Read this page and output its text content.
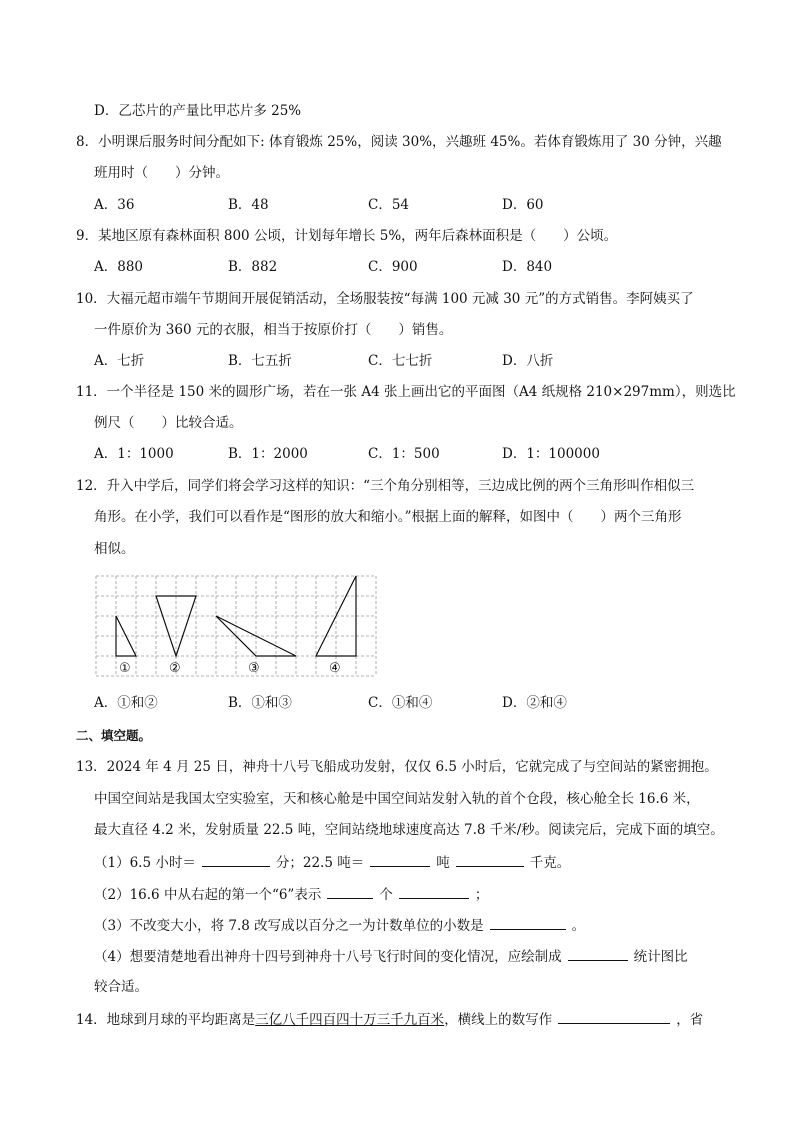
D．乙芯片的产量比甲芯片多 25%
8．小明课后服务时间分配如下: 体育锻炼 25%，阅读 30%，兴趣班 45%。若体育锻炼用了 30 分钟，兴趣
班用时（　　）分钟。
A．36	B．48	C．54	D．60
9．某地区原有森林面积 800 公顷，计划每年增长 5%，两年后森林面积是（　　）公顷。
A．880	B．882	C．900	D．840
10．大福元超市端午节期间开展促销活动，全场服装按“每满 100 元减 30 元”的方式销售。李阿姨买了
一件原价为 360 元的衣服，相当于按原价打（　　）销售。
A．七折	B．七五折	C．七七折	D．八折
11．一个半径是 150 米的圆形广场，若在一张 A4 张上画出它的平面图（A4 纸规格 210×297mm），则选比
例尺（　　）比较合适。
A．1：1000	B．1：2000	C．1：500	D．1：100000
12．升入中学后，同学们将会学习这样的知识：“三个角分别相等，三边成比例的两个三角形叫作相似三
角形。在小学，我们可以看作是“图形的放大和缩小。”根据上面的解释，如图中（　　）两个三角形
相似。
①	②	③	④
A．①和②	B．①和③	C．①和④	D．②和④
二、填空题。
13．2024 年 4 月 25 日，神舟十八号飞船成功发射，仅仅 6.5 小时后，它就完成了与空间站的紧密拥抱。
中国空间站是我国太空实验室，天和核心舱是中国空间站发射入轨的首个仓段，核心舱全长 16.6 米，
最大直径 4.2 米，发射质量 22.5 吨，空间站绕地球速度高达 7.8 千米/秒。阅读完后，完成下面的填空。
（1）6.5 小时＝	分；22.5 吨＝	吨	千克。
（2）16.6 中从右起的第一个“6”表示	个	；
（3）不改变大小，将 7.8 改写成以百分之一为计数单位的小数是	。
（4）想要清楚地看出神舟十四号到神舟十八号飞行时间的变化情况，应绘制成	统计图比
较合适。
14．地球到月球的平均距离是三亿八千四百四十万三千九百米，横线上的数写作	，省
